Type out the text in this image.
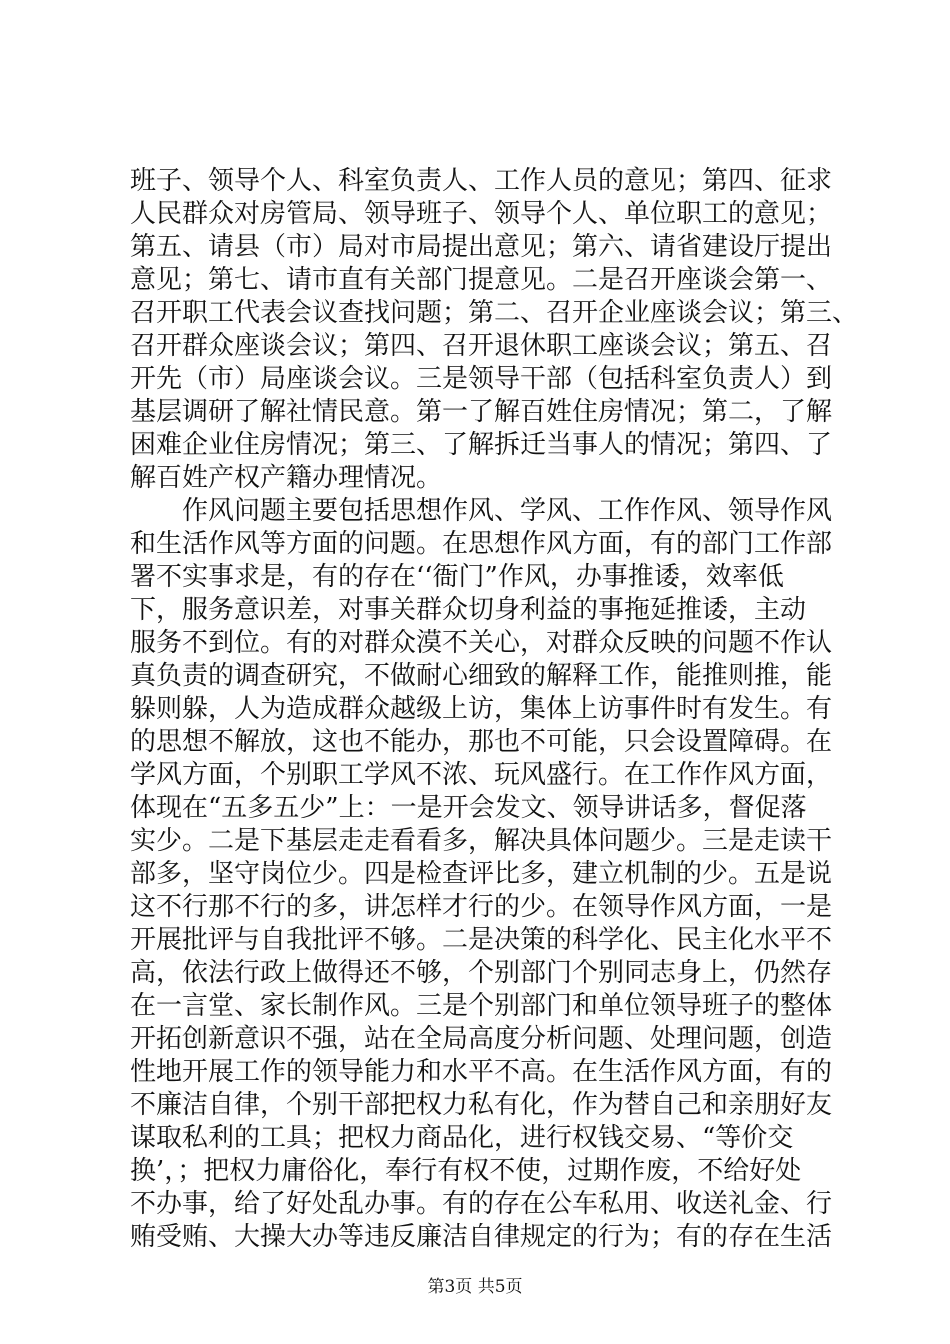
班子、领导个人、科室负责人、工作人员的意见；第四、征求
人民群众对房管局、领导班子、领导个人、单位职工的意见；
第五、请县（市）局对市局提出意见；第六、请省建设厅提出
意见；第七、请市直有关部门提意见。二是召开座谈会第一、
召开职工代表会议查找问题；第二、召开企业座谈会议；第三、
召开群众座谈会议；第四、召开退休职工座谈会议；第五、召
开先（市）局座谈会议。三是领导干部（包括科室负责人）到
基层调研了解社情民意。第一了解百姓住房情况；第二，了解
困难企业住房情况；第三、了解拆迁当事人的情况；第四、了
解百姓产权产籍办理情况。
作风问题主要包括思想作风、学风、工作作风、领导作风
和生活作风等方面的问题。在思想作风方面，有的部门工作部
署不实事求是，有的存在‘‘衙门”作风，办事推诿，效率低
下，服务意识差，对事关群众切身利益的事拖延推诿，主动
服务不到位。有的对群众漠不关心，对群众反映的问题不作认
真负责的调查研究，不做耐心细致的解释工作，能推则推，能
躲则躲，人为造成群众越级上访，集体上访事件时有发生。有
的思想不解放，这也不能办，那也不可能，只会设置障碍。在
学风方面，个别职工学风不浓、玩风盛行。在工作作风方面，
体现在“五多五少”上：一是开会发文、领导讲话多，督促落
实少。二是下基层走走看看多，解决具体问题少。三是走读干
部多，坚守岗位少。四是检查评比多，建立机制的少。五是说
这不行那不行的多，讲怎样才行的少。在领导作风方面，一是
开展批评与自我批评不够。二是决策的科学化、民主化水平不
高，依法行政上做得还不够，个别部门个别同志身上，仍然存
在一言堂、家长制作风。三是个别部门和单位领导班子的整体
开拓创新意识不强，站在全局高度分析问题、处理问题，创造
性地开展工作的领导能力和水平不高。在生活作风方面，有的
不廉洁自律，个别干部把权力私有化，作为替自己和亲朋好友
谋取私利的工具；把权力商品化，进行权钱交易、“等价交
换’，；把权力庸俗化，奉行有权不使，过期作废，不给好处
不办事，给了好处乱办事。有的存在公车私用、收送礼金、行
贿受贿、大操大办等违反廉洁自律规定的行为；有的存在生活
第3页 共5页
